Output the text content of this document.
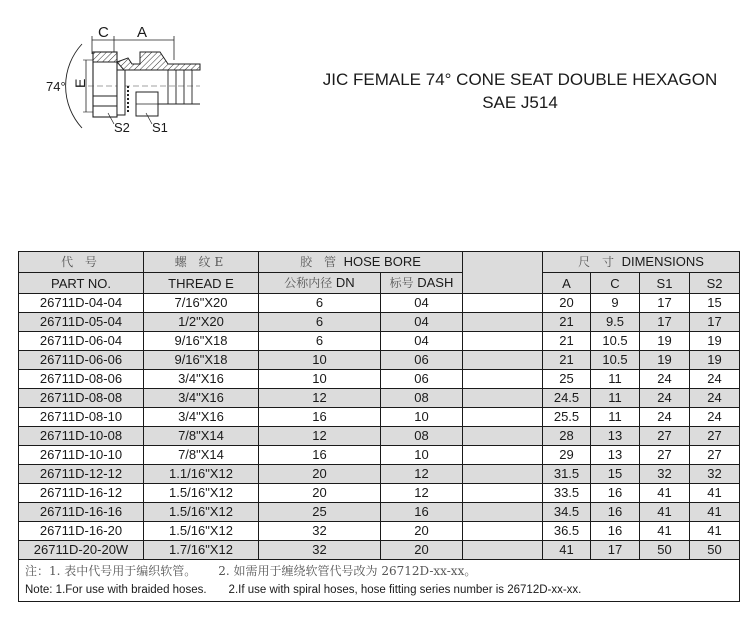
C A
74° E
S2 S1
JIC FEMALE 74° CONE SEAT DOUBLE HEXAGON
SAE J514
代 号	螺 纹E	胶 管 HOSE BORE			尺 寸 DIMENSIONS			
PART NO.	THREAD E	公称内径 DN	标号 DASH		A	C	S1	S2
26711D-04-04	7/16"X20	6	04		20	9	17	15
26711D-05-04	1/2"X20	6	04		21	9.5	17	17
26711D-06-04	9/16"X18	6	04		21	10.5	19	19
26711D-06-06	9/16"X18	10	06		21	10.5	19	19
26711D-08-06	3/4"X16	10	06		25	11	24	24
26711D-08-08	3/4"X16	12	08		24.5	11	24	24
26711D-08-10	3/4"X16	16	10		25.5	11	24	24
26711D-10-08	7/8"X14	12	08		28	13	27	27
26711D-10-10	7/8"X14	16	10		29	13	27	27
26711D-12-12	1.1/16"X12	20	12		31.5	15	32	32
26711D-16-12	1.5/16"X12	20	12		33.5	16	41	41
26711D-16-16	1.5/16"X12	25	16		34.5	16	41	41
26711D-16-20	1.5/16"X12	32	20		36.5	16	41	41
26711D-20-20W	1.7/16"X12	32	20		41	17	50	50

注：1. 表中代号用于编织软管。 2. 如需用于缠绕软管代号改为 26712D-xx-xx。
Note: 1.For use with braided hoses. 2.If use with spiral hoses, hose fitting series number is 26712D-xx-xx.								
